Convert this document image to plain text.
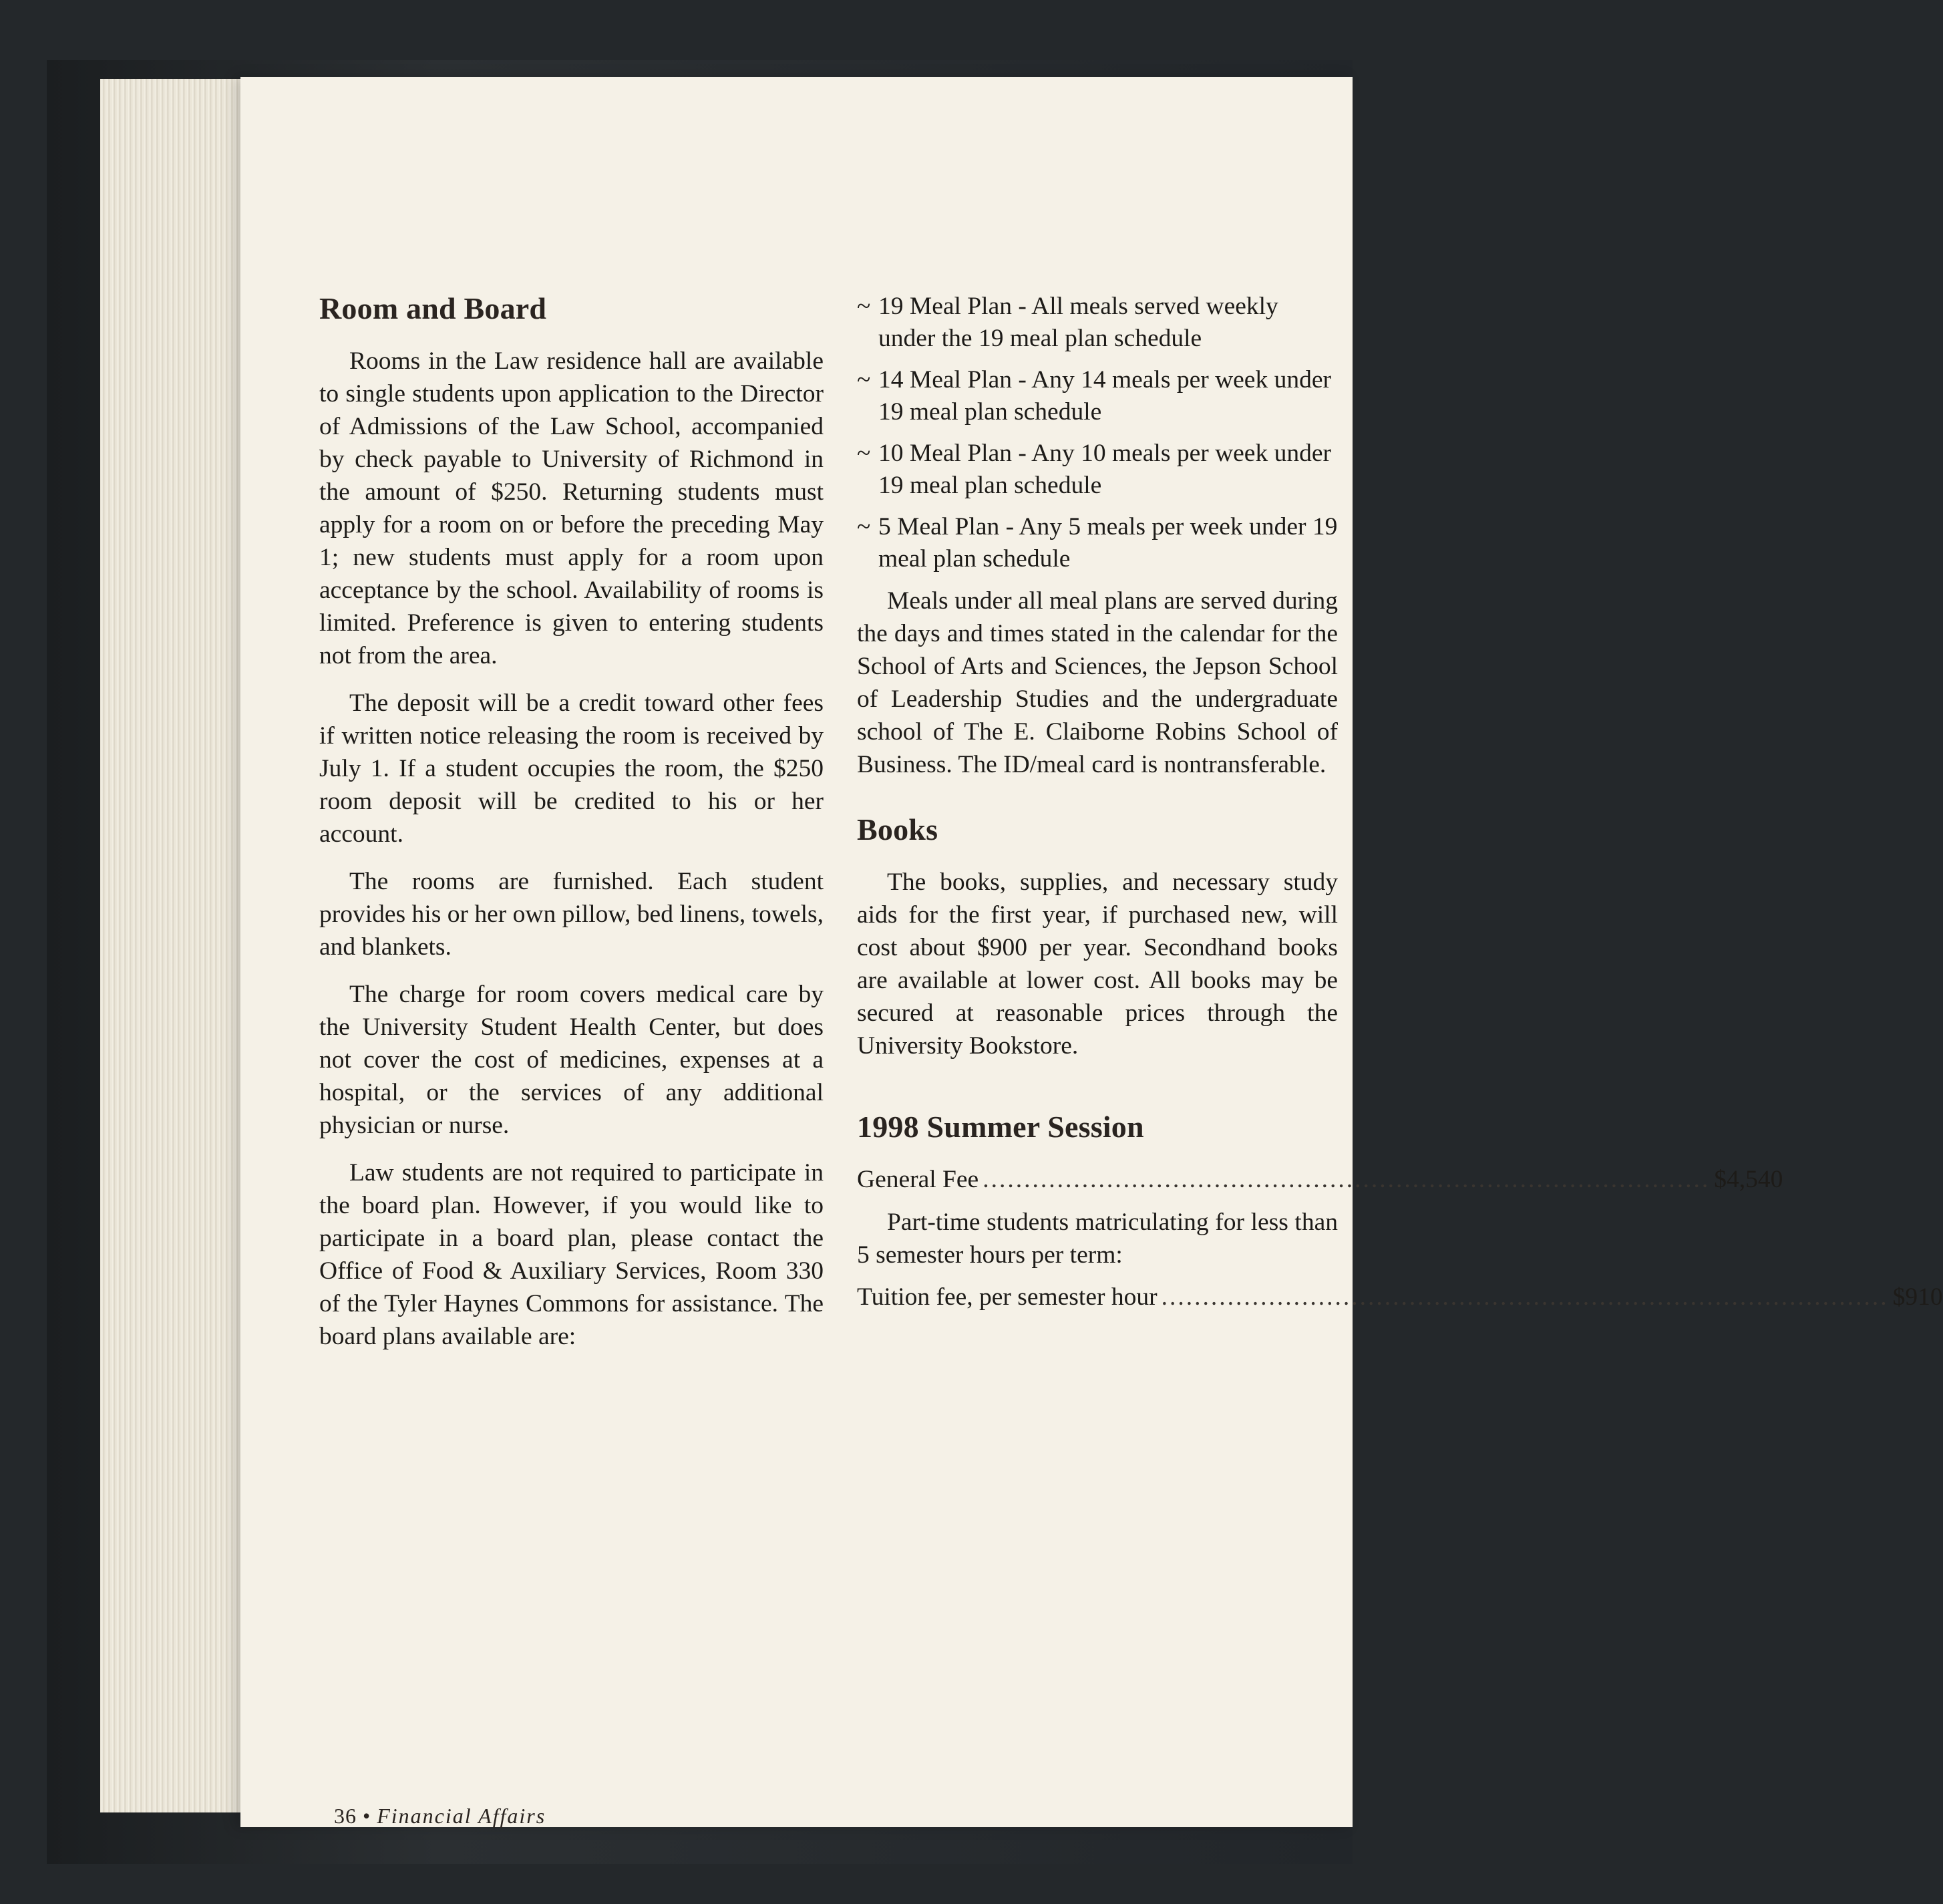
Room and Board

Rooms in the Law residence hall are available to single students upon application to the Director of Admissions of the Law School, accompanied by check payable to University of Richmond in the amount of $250. Returning students must apply for a room on or before the preceding May 1; new students must apply for a room upon acceptance by the school. Availability of rooms is limited. Preference is given to entering students not from the area.

The deposit will be a credit toward other fees if written notice releasing the room is received by July 1. If a student occupies the room, the $250 room deposit will be credited to his or her account.

The rooms are furnished. Each student provides his or her own pillow, bed linens, towels, and blankets.

The charge for room covers medical care by the University Student Health Center, but does not cover the cost of medicines, expenses at a hospital, or the services of any additional physician or nurse.

Law students are not required to participate in the board plan. However, if you would like to participate in a board plan, please contact the Office of Food & Auxiliary Services, Room 330 of the Tyler Haynes Commons for assistance. The board plans available are:

~ 19 Meal Plan - All meals served weekly under the 19 meal plan schedule
~ 14 Meal Plan - Any 14 meals per week under 19 meal plan schedule
~ 10 Meal Plan - Any 10 meals per week under 19 meal plan schedule
~ 5 Meal Plan - Any 5 meals per week under 19 meal plan schedule

Meals under all meal plans are served during the days and times stated in the calendar for the School of Arts and Sciences, the Jepson School of Leadership Studies and the undergraduate school of The E. Claiborne Robins School of Business. The ID/meal card is nontransferable.

Books

The books, supplies, and necessary study aids for the first year, if purchased new, will cost about $900 per year. Secondhand books are available at lower cost. All books may be secured at reasonable prices through the University Bookstore.

1998 Summer Session
General Fee ........................................................................................ $4,540

Part-time students matriculating for less than 5 semester hours per term:

Tuition fee, per semester hour ........................................................................................ $910
36 • Financial Affairs
